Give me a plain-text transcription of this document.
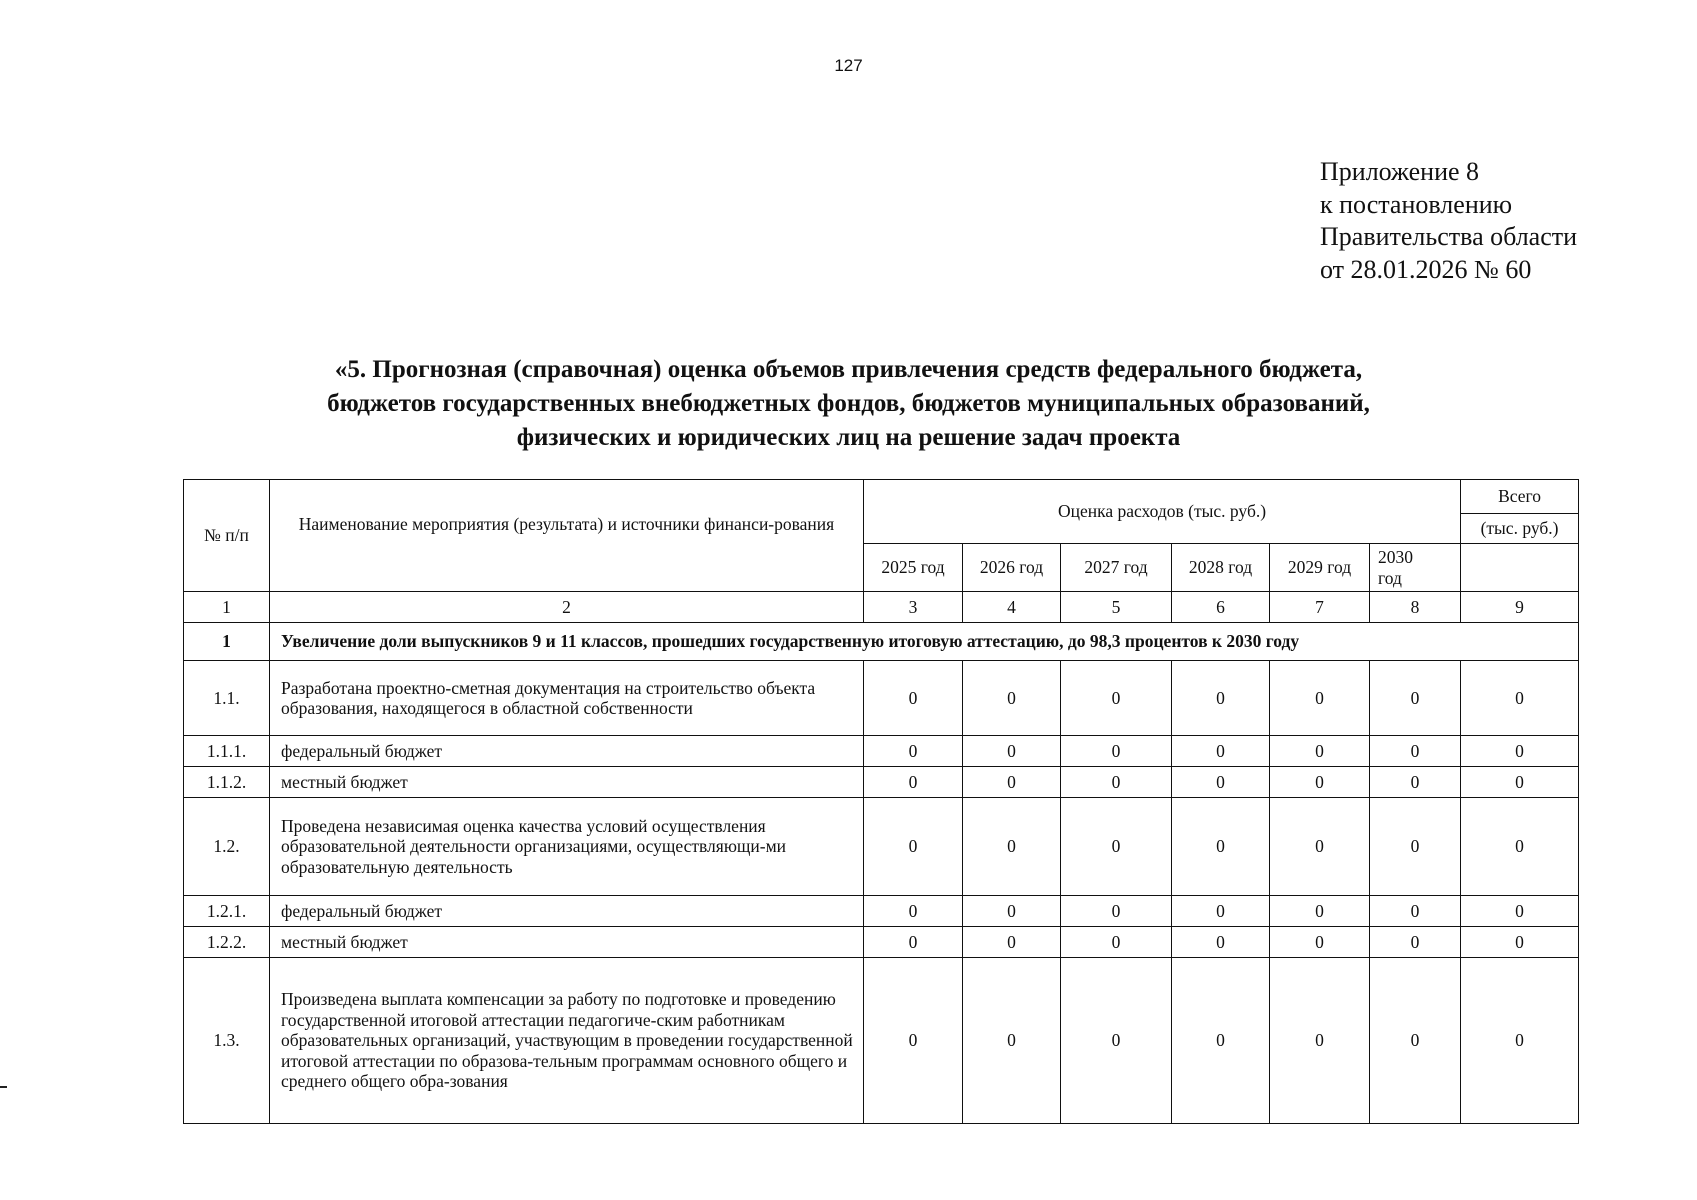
127
Приложение 8
к постановлению
Правительства области
от 28.01.2026 № 60
«5. Прогнозная (справочная) оценка объемов привлечения средств федерального бюджета,
бюджетов государственных внебюджетных фондов, бюджетов муниципальных образований,
физических и юридических лиц на решение задач проекта
№ п/п	Наименование мероприятия (результата) и источники финанси-рования	Оценка расходов (тыс. руб.)						Всего
								(тыс. руб.)
		2025 год	2026 год	2027 год	2028 год	2029 год	2030 год	
1	2	3	4	5	6	7	8	9
1	Увеличение доли выпускников 9 и 11 классов, прошедших государственную итоговую аттестацию, до 98,3 процентов к 2030 году							
1.1.	Разработана проектно-сметная документация на строительство объекта образования, находящегося в областной собственности	0	0	0	0	0	0	0
1.1.1.	федеральный бюджет	0	0	0	0	0	0	0
1.1.2.	местный бюджет	0	0	0	0	0	0	0
1.2.	Проведена независимая оценка качества условий осуществления образовательной деятельности организациями, осуществляющи-ми образовательную деятельность	0	0	0	0	0	0	0
1.2.1.	федеральный бюджет	0	0	0	0	0	0	0
1.2.2.	местный бюджет	0	0	0	0	0	0	0
1.3.	Произведена выплата компенсации за работу по подготовке и проведению государственной итоговой аттестации педагогиче-ским работникам образовательных организаций, участвующим в проведении государственной итоговой аттестации по образова-тельным программам основного общего и среднего общего обра-зования	0	0	0	0	0	0	0
